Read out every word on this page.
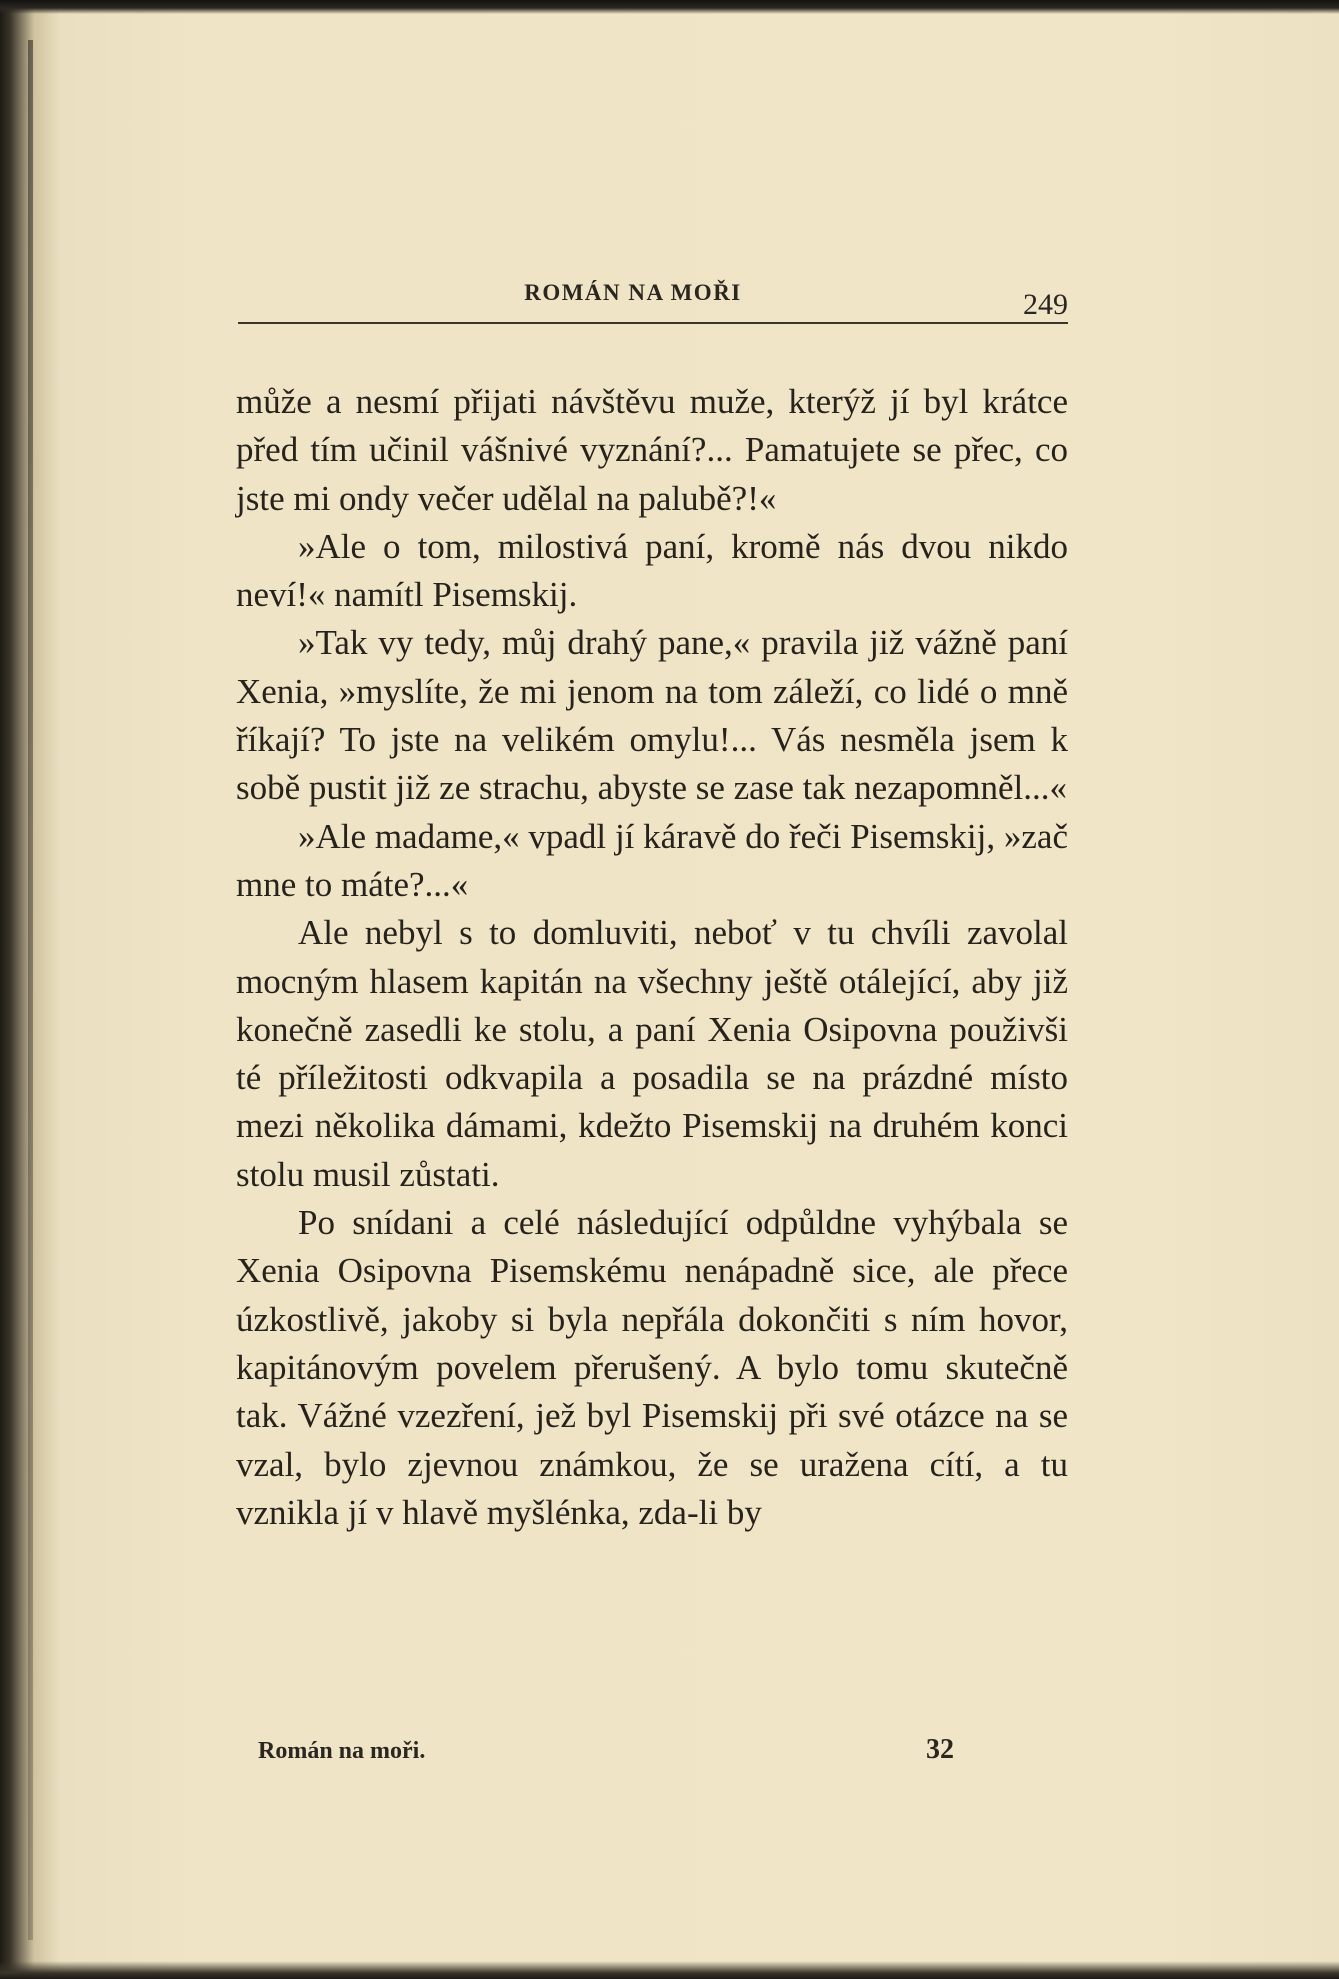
ROMÁN NA MOŘI	249

může a nesmí přijati návštěvu muže, kterýž jí byl krátce před tím učinil vášnivé vyznání?... Pamatujete se přec, co jste mi ondy večer udělal na palubě?!«

»Ale o tom, milostivá paní, kromě nás dvou nikdo neví!« namítl Pisemskij.

»Tak vy tedy, můj drahý pane,« pravila již vážně paní Xenia, »myslíte, že mi jenom na tom záleží, co lidé o mně říkají? To jste na velikém omylu!... Vás nesměla jsem k sobě pustit již ze strachu, abyste se zase tak nezapomněl...«

»Ale madame,« vpadl jí káravě do řeči Pisemskij, »zač mne to máte?...«

Ale nebyl s to domluviti, neboť v tu chvíli zavolal mocným hlasem kapitán na všechny ještě otálející, aby již konečně zasedli ke stolu, a paní Xenia Osipovna použivši té příležitosti odkvapila a posadila se na prázdné místo mezi několika dámami, kdežto Pisemskij na druhém konci stolu musil zůstati.

Po snídani a celé následující odpůldne vyhýbala se Xenia Osipovna Pisemskému nenápadně sice, ale přece úzkostlivě, jakoby si byla nepřála dokončiti s ním hovor, kapitánovým povelem přerušený. A bylo tomu skutečně tak. Vážné vzezření, jež byl Pisemskij při své otázce na se vzal, bylo zjevnou známkou, že se uražena cítí, a tu vznikla jí v hlavě myšlénka, zda-li by

Román na moři.	32
